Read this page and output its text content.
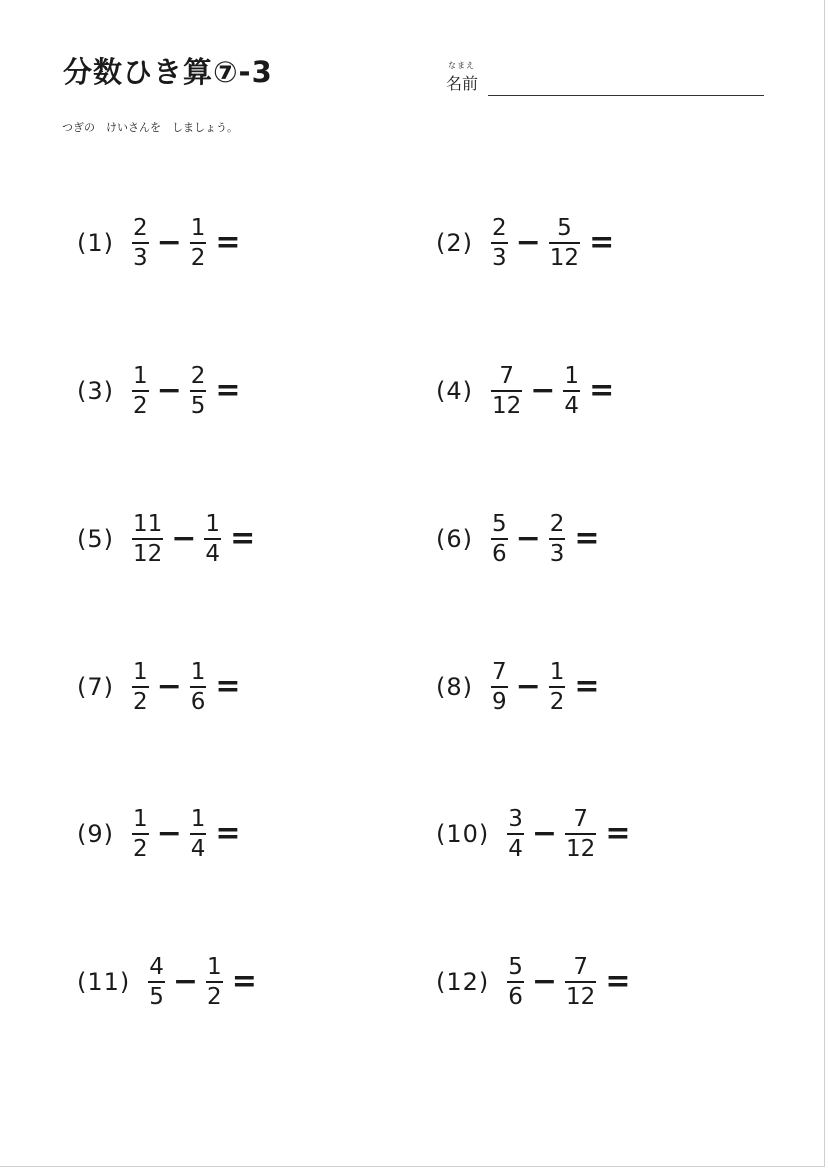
分数ひき算⑦-3	なまえ
名前
つぎの　けいさんを　しましょう。
$(1) \frac{2}{3} - \frac{1}{2}$ =
$(3) \frac{1}{2} - \frac{2}{5}$ =
$(5) \frac{11}{12} - \frac{1}{4}$ =
$(7) \frac{1}{2} - \frac{1}{6}$ =
$(9) \frac{1}{2} - \frac{1}{4}$ =
$(11) \frac{4}{5} - \frac{1}{2}$ =
$(2) \frac{2}{3} - \frac{5}{12}$ =
$(4) \frac{7}{12} - \frac{1}{4}$ =
$(6) \frac{5}{6} - \frac{2}{3}$ =
$(8) \frac{7}{9} - \frac{1}{2}$ =
$(10) \frac{3}{4} - \frac{7}{12}$ =
$(12) \frac{5}{6} - \frac{7}{12}$ =
